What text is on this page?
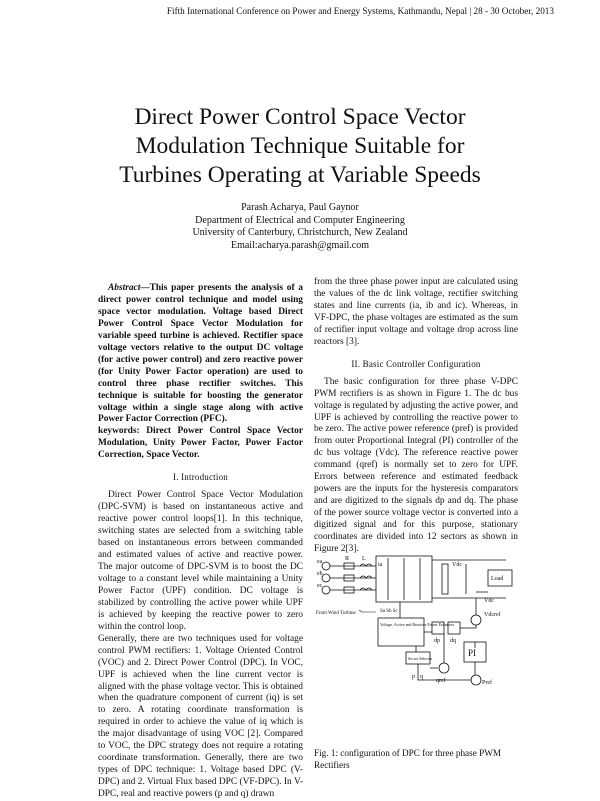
Fifth International Conference on Power and Energy Systems, Kathmandu, Nepal | 28 - 30 October, 2013
Direct Power Control Space Vector
Modulation Technique Suitable for
Turbines Operating at Variable Speeds
Parash Acharya, Paul Gaynor
Department of Electrical and Computer Engineering
University of Canterbury, Christchurch, New Zealand
Email:acharya.parash@gmail.com

Abstract—This paper presents the analysis of a direct power control technique and model using space vector modulation. Voltage based Direct Power Control Space Vector Modulation for variable speed turbine is achieved. Rectifier space voltage vectors relative to the output DC voltage (for active power control) and zero reactive power (for Unity Power Factor operation) are used to control three phase rectifier switches. This technique is suitable for boosting the generator voltage within a single stage along with active Power Factor Correction (PFC).

keywords: Direct Power Control Space Vector Modulation, Unity Power Factor, Power Factor Correction, Space Vector.

I. Introduction

Direct Power Control Space Vector Modulation (DPC-SVM) is based on instantaneous active and reactive power control loops[1]. In this technique, switching states are selected from a switching table based on instantaneous errors between commanded and estimated values of active and reactive power. The major outcome of DPC-SVM is to boost the DC voltage to a constant level while maintaining a Unity Power Factor (UPF) condition. DC voltage is stabilized by controlling the active power while UPF is achieved by keeping the reactive power to zero within the control loop.

Generally, there are two techniques used for voltage control PWM rectifiers: 1. Voltage Oriented Control (VOC) and 2. Direct Power Control (DPC). In VOC, UPF is achieved when the line current vector is aligned with the phase voltage vector. This is obtained when the quadrature component of current (iq) is set to zero. A rotating coordinate transformation is required in order to achieve the value of iq which is the major disadvantage of using VOC [2]. Compared to VOC, the DPC strategy does not require a rotating coordinate transformation. Generally, there are two types of DPC technique: 1. Voltage based DPC (V-DPC) and 2. Virtual Flux based DPC (VF-DPC). In V-DPC, real and reactive powers (p and q) drawn

from the three phase power input are calculated using the values of the dc link voltage, rectifier switching states and line currents (ia, ib and ic). Whereas, in VF-DPC, the phase voltages are estimated as the sum of rectifier input voltage and voltage drop across line reactors [3].

II. Basic Controller Configuration

The basic configuration for three phase V-DPC PWM rectifiers is as shown in Figure 1. The dc bus voltage is regulated by adjusting the active power, and UPF is achieved by controlling the reactive power to be zero. The active power reference (pref) is provided from outer Proportional Integral (PI) controller of the dc bus voltage (Vdc). The reference reactive power command (qref) is normally set to zero for UPF. Errors between reference and estimated feedback powers are the inputs for the hysteresis comparators and are digitized to the signals dp and dq. The phase of the power source voltage vector is converted into a digitized signal and for this purpose, stationary coordinates are divided into 12 sectors as shown in Figure 2[3].

ea
eb
ec
R L
ia	Vdc
Load
Vdc
From Wind Turbine
Voltage, Active and Reactive Power Estimator
Sector Selector
Vdcref
PI
dp dq
p q
qref
Sa Sb Sc
Pref
Fig. 1: configuration of DPC for three phase PWM Rectifiers
